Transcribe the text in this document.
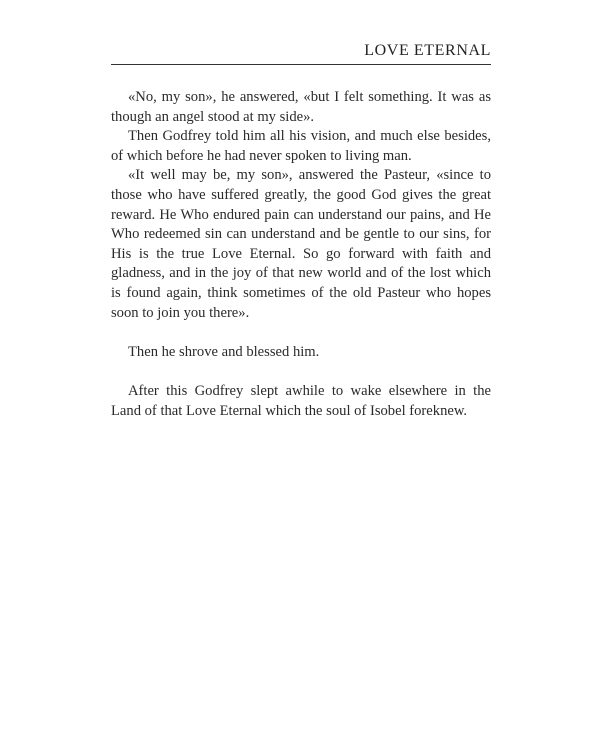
LOVE ETERNAL

«No, my son», he answered, «but I felt something. It was as though an angel stood at my side».

Then Godfrey told him all his vision, and much else besides, of which before he had never spoken to living man.

«It well may be, my son», answered the Pasteur, «since to those who have suffered greatly, the good God gives the great reward. He Who endured pain can understand our pains, and He Who redeemed sin can understand and be gentle to our sins, for His is the true Love Eternal. So go forward with faith and gladness, and in the joy of that new world and of the lost which is found again, think sometimes of the old Pasteur who hopes soon to join you there».

Then he shrove and blessed him.

After this Godfrey slept awhile to wake elsewhere in the Land of that Love Eternal which the soul of Isobel foreknew.
